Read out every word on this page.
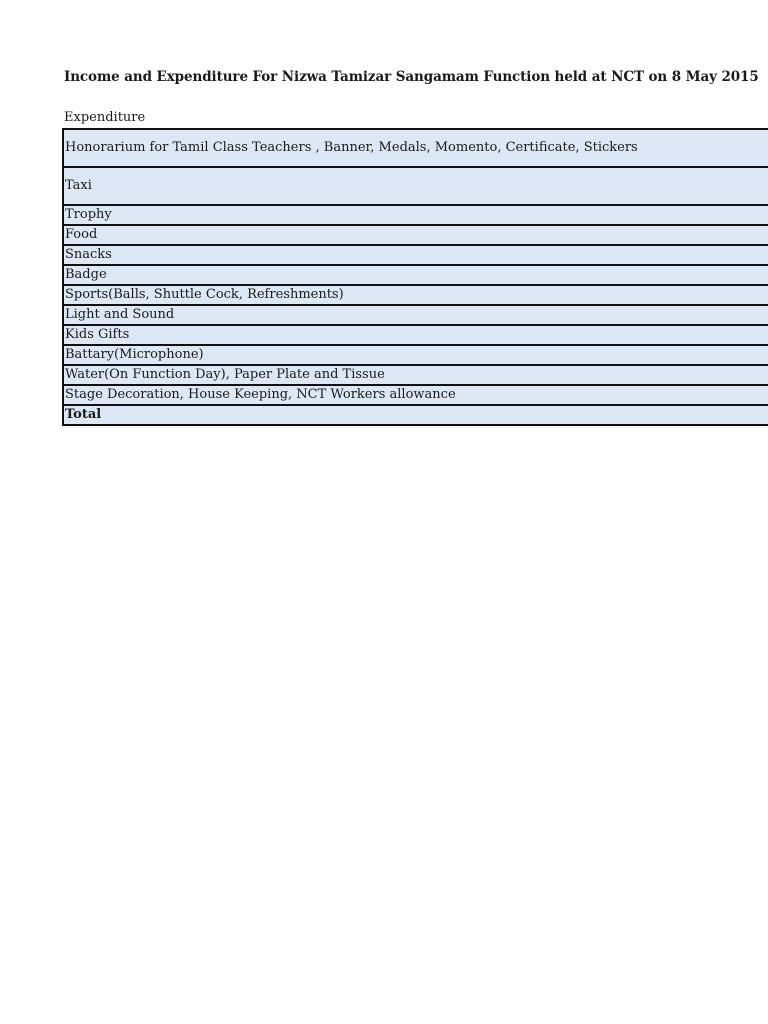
Income and Expenditure For Nizwa Tamizar Sangamam Function held at NCT on 8 May 2015
Expenditure
Honorarium for Tamil Class Teachers , Banner, Medals, Momento, Certificate, Stickers
Taxi
Trophy
Food
Snacks
Badge
Sports(Balls, Shuttle Cock, Refreshments)
Light and Sound
Kids Gifts
Battary(Microphone)
Water(On Function Day), Paper Plate and Tissue
Stage Decoration, House Keeping, NCT Workers allowance
Total
